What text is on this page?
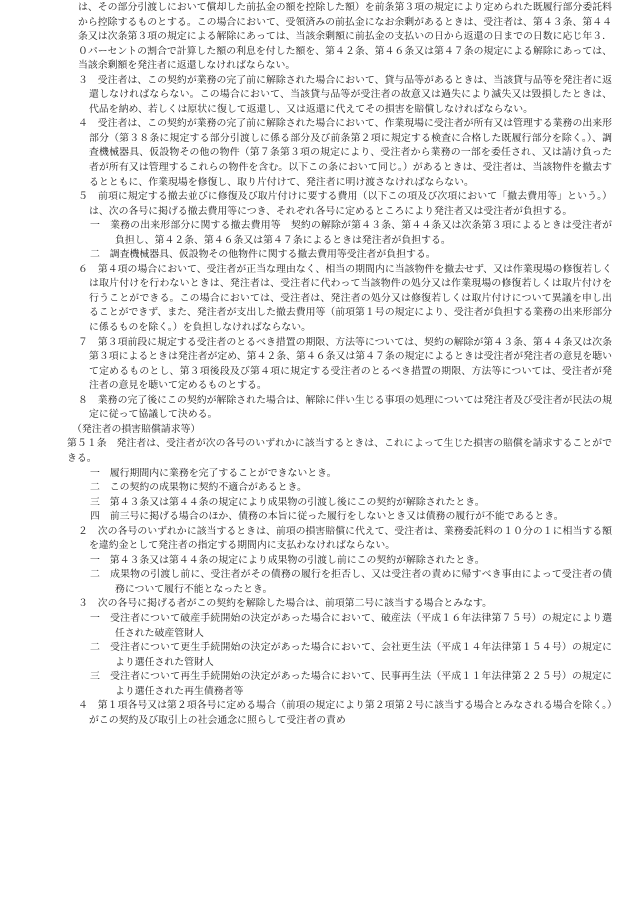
は、その部分引渡しにおいて償却した前払金の額を控除した額）を前条第３項の規定により定められた既履行部分委託料から控除するものとする。この場合において、受領済みの前払金になお余剰があるときは、受注者は、第４３条、第４４条又は次条第３項の規定による解除にあっては、当該余剰額に前払金の支払いの日から返還の日までの日数に応じ年３．０パーセントの割合で計算した額の利息を付した額を、第４２条、第４６条又は第４７条の規定による解除にあっては、当該余剰額を発注者に返還しなければならない。

３　受注者は、この契約が業務の完了前に解除された場合において、貸与品等があるときは、当該貸与品等を発注者に返還しなければならない。この場合において、当該貸与品等が受注者の故意又は過失により滅失又は毀損したときは、代品を納め、若しくは原状に復して返還し、又は返還に代えてその損害を賠償しなければならない。

４　受注者は、この契約が業務の完了前に解除された場合において、作業現場に受注者が所有又は管理する業務の出来形部分（第３８条に規定する部分引渡しに係る部分及び前条第２項に規定する検査に合格した既履行部分を除く。）、調査機械器具、仮設物その他の物件（第７条第３項の規定により、受注者から業務の一部を委任され、又は請け負った者が所有又は管理するこれらの物件を含む。以下この条において同じ。）があるときは、受注者は、当該物件を撤去するとともに、作業現場を修復し、取り片付けて、発注者に明け渡さなければならない。

５　前項に規定する撤去並びに修復及び取片付けに要する費用（以下この項及び次項において「撤去費用等」という。）は、次の各号に掲げる撤去費用等につき、それぞれ各号に定めるところにより発注者又は受注者が負担する。

一　業務の出来形部分に関する撤去費用等　契約の解除が第４３条、第４４条又は次条第３項によるときは受注者が負担し、第４２条、第４６条又は第４７条によるときは発注者が負担する。

二　調査機械器具、仮設物その他物件に関する撤去費用等受注者が負担する。

６　第４項の場合において、受注者が正当な理由なく、相当の期間内に当該物件を撤去せず、又は作業現場の修復若しくは取片付けを行わないときは、発注者は、受注者に代わって当該物件の処分又は作業現場の修復若しくは取片付けを行うことができる。この場合においては、受注者は、発注者の処分又は修復若しくは取片付けについて異議を申し出ることができず、また、発注者が支出した撤去費用等（前項第１号の規定により、受注者が負担する業務の出来形部分に係るものを除く。）を負担しなければならない。

７　第３項前段に規定する受注者のとるべき措置の期限、方法等については、契約の解除が第４３条、第４４条又は次条第３項によるときは発注者が定め、第４２条、第４６条又は第４７条の規定によるときは受注者が発注者の意見を聴いて定めるものとし、第３項後段及び第４項に規定する受注者のとるべき措置の期限、方法等については、受注者が発注者の意見を聴いて定めるものとする。

８　業務の完了後にこの契約が解除された場合は、解除に伴い生じる事項の処理については発注者及び受注者が民法の規定に従って協議して決める。

（発注者の損害賠償請求等）

第５１条　発注者は、受注者が次の各号のいずれかに該当するときは、これによって生じた損害の賠償を請求することができる。

一　履行期間内に業務を完了することができないとき。

二　この契約の成果物に契約不適合があるとき。

三　第４３条又は第４４条の規定により成果物の引渡し後にこの契約が解除されたとき。

四　前三号に掲げる場合のほか、債務の本旨に従った履行をしないとき又は債務の履行が不能であるとき。

２　次の各号のいずれかに該当するときは、前項の損害賠償に代えて、受注者は、業務委託料の１０分の１に相当する額を違約金として発注者の指定する期間内に支払わなければならない。

一　第４３条又は第４４条の規定により成果物の引渡し前にこの契約が解除されたとき。

二　成果物の引渡し前に、受注者がその債務の履行を拒否し、又は受注者の責めに帰すべき事由によって受注者の債務について履行不能となったとき。

３　次の各号に掲げる者がこの契約を解除した場合は、前項第二号に該当する場合とみなす。

一　受注者について破産手続開始の決定があった場合において、破産法（平成１６年法律第７５号）の規定により選任された破産管財人

二　受注者について更生手続開始の決定があった場合において、会社更生法（平成１４年法律第１５４号）の規定により選任された管財人

三　受注者について再生手続開始の決定があった場合において、民事再生法（平成１１年法律第２２５号）の規定により選任された再生債務者等

４　第１項各号又は第２項各号に定める場合（前項の規定により第２項第２号に該当する場合とみなされる場合を除く。）がこの契約及び取引上の社会通念に照らして受注者の責め
